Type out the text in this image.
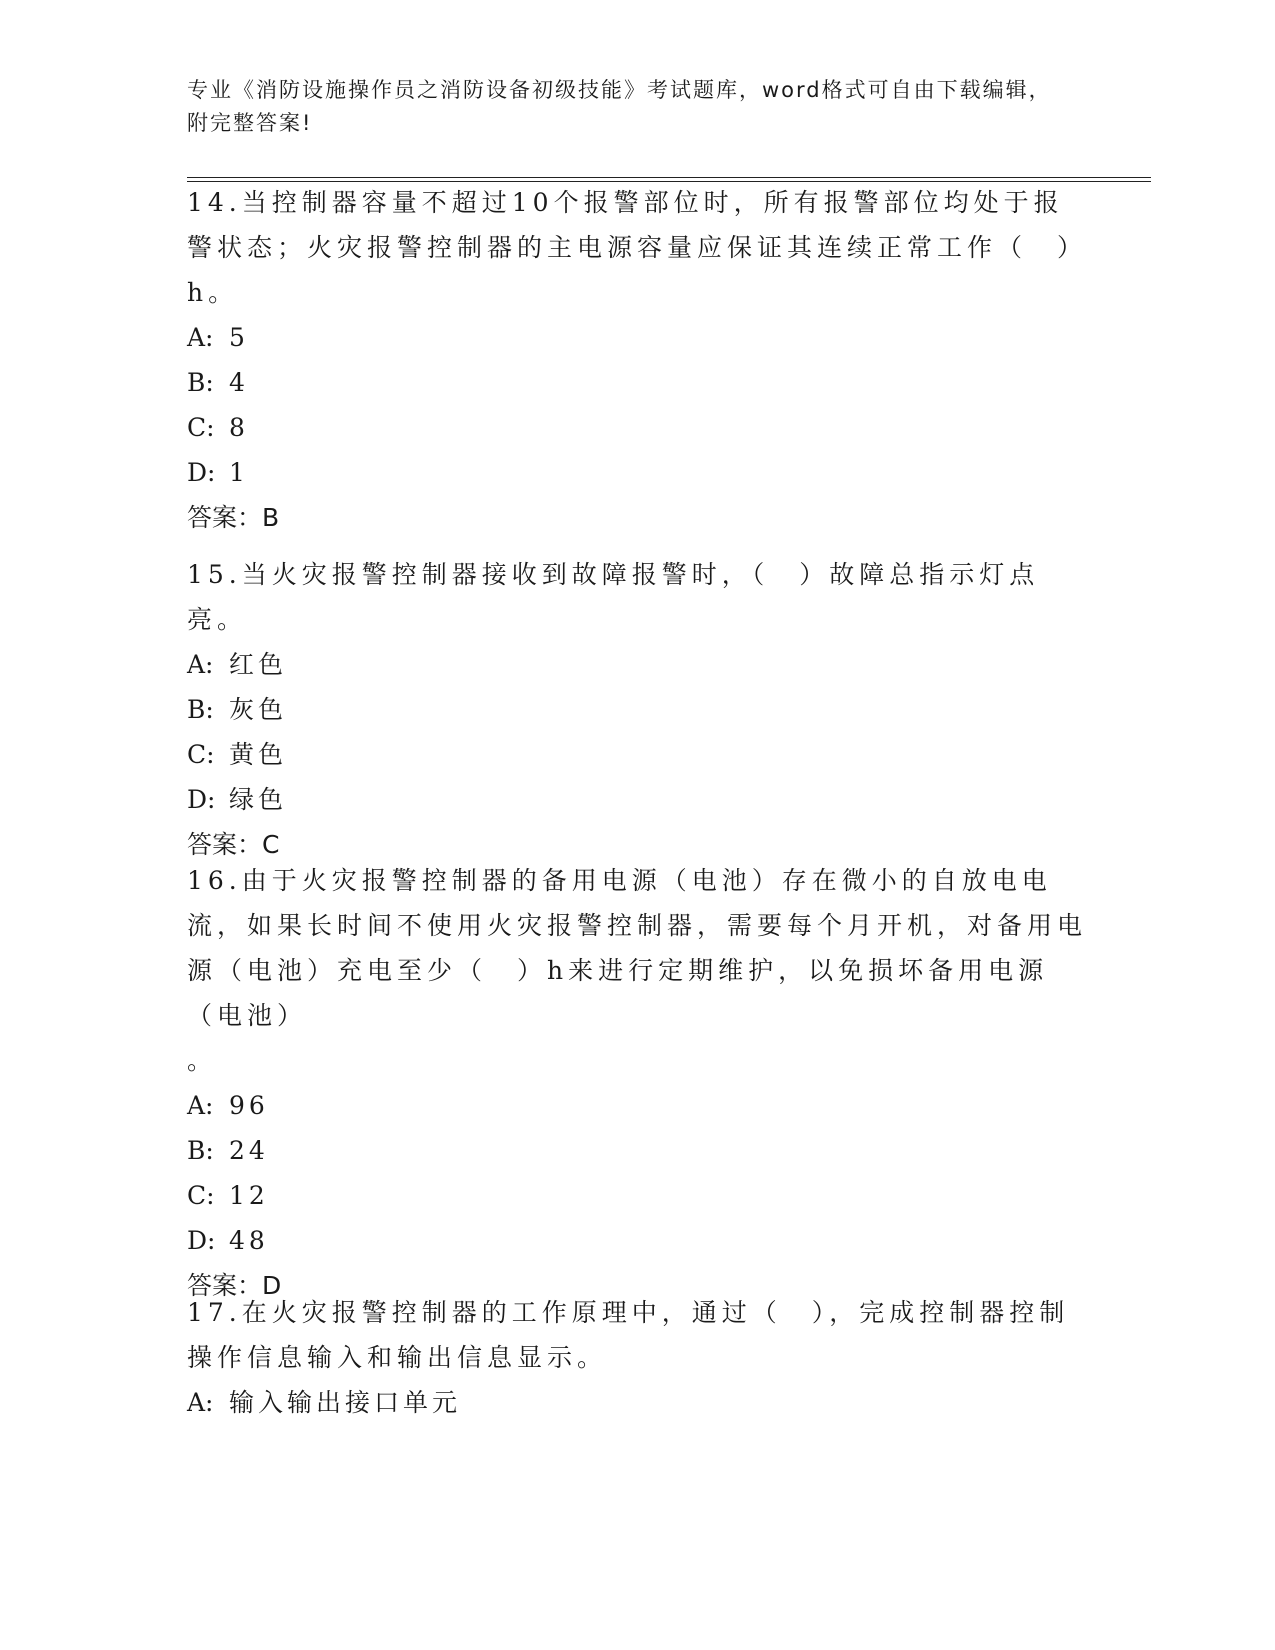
专业《消防设施操作员之消防设备初级技能》考试题库，word格式可自由下载编辑，附完整答案!
14.当控制器容量不超过10个报警部位时，所有报警部位均处于报警状态；火灾报警控制器的主电源容量应保证其连续正常工作（　）h。
A: 5
B: 4
C: 8
D: 1
答案：B
15.当火灾报警控制器接收到故障报警时，（　）故障总指示灯点亮。
A: 红色
B: 灰色
C: 黄色
D: 绿色
答案：C
16.由于火灾报警控制器的备用电源（电池）存在微小的自放电电流，如果长时间不使用火灾报警控制器，需要每个月开机，对备用电源（电池）充电至少（　）h来进行定期维护，以免损坏备用电源（电池）
。
A: 96
B: 24
C: 12
D: 48
答案：D
17.在火灾报警控制器的工作原理中，通过（　），完成控制器控制操作信息输入和输出信息显示。
A: 输入输出接口单元
